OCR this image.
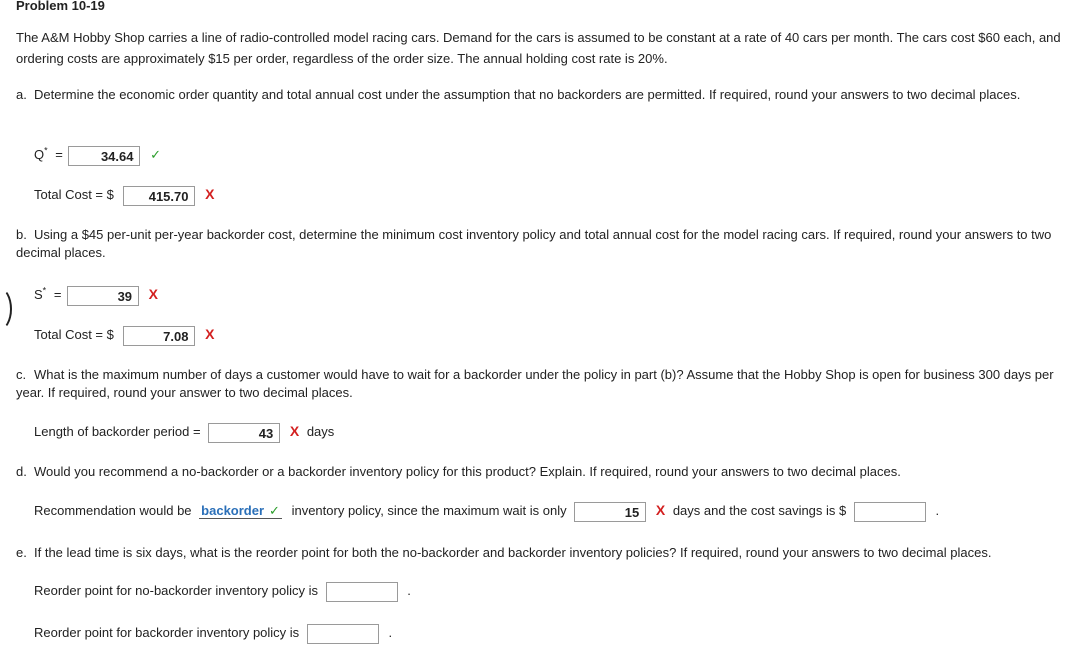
Problem 10-19
The A&M Hobby Shop carries a line of radio-controlled model racing cars. Demand for the cars is assumed to be constant at a rate of 40 cars per month. The cars cost $60 each, and ordering costs are approximately $15 per order, regardless of the order size. The annual holding cost rate is 20%.
a. Determine the economic order quantity and total annual cost under the assumption that no backorders are permitted. If required, round your answers to two decimal places.
Q* =	34.64 ✓
Total Cost = $	415.70 X
b. Using a $45 per-unit per-year backorder cost, determine the minimum cost inventory policy and total annual cost for the model racing cars. If required, round your answers to two decimal places.
S* =	39 X
Total Cost = $	7.08 X
c. What is the maximum number of days a customer would have to wait for a backorder under the policy in part (b)? Assume that the Hobby Shop is open for business 300 days per year. If required, round your answer to two decimal places.
Length of backorder period =	43 X days
d. Would you recommend a no-backorder or a backorder inventory policy for this product? Explain. If required, round your answers to two decimal places.
Recommendation would be backorder ✓ inventory policy, since the maximum wait is only	15 X days and the cost savings is $	.
e. If the lead time is six days, what is the reorder point for both the no-backorder and backorder inventory policies? If required, round your answers to two decimal places.
Reorder point for no-backorder inventory policy is	.
Reorder point for backorder inventory policy is	.
